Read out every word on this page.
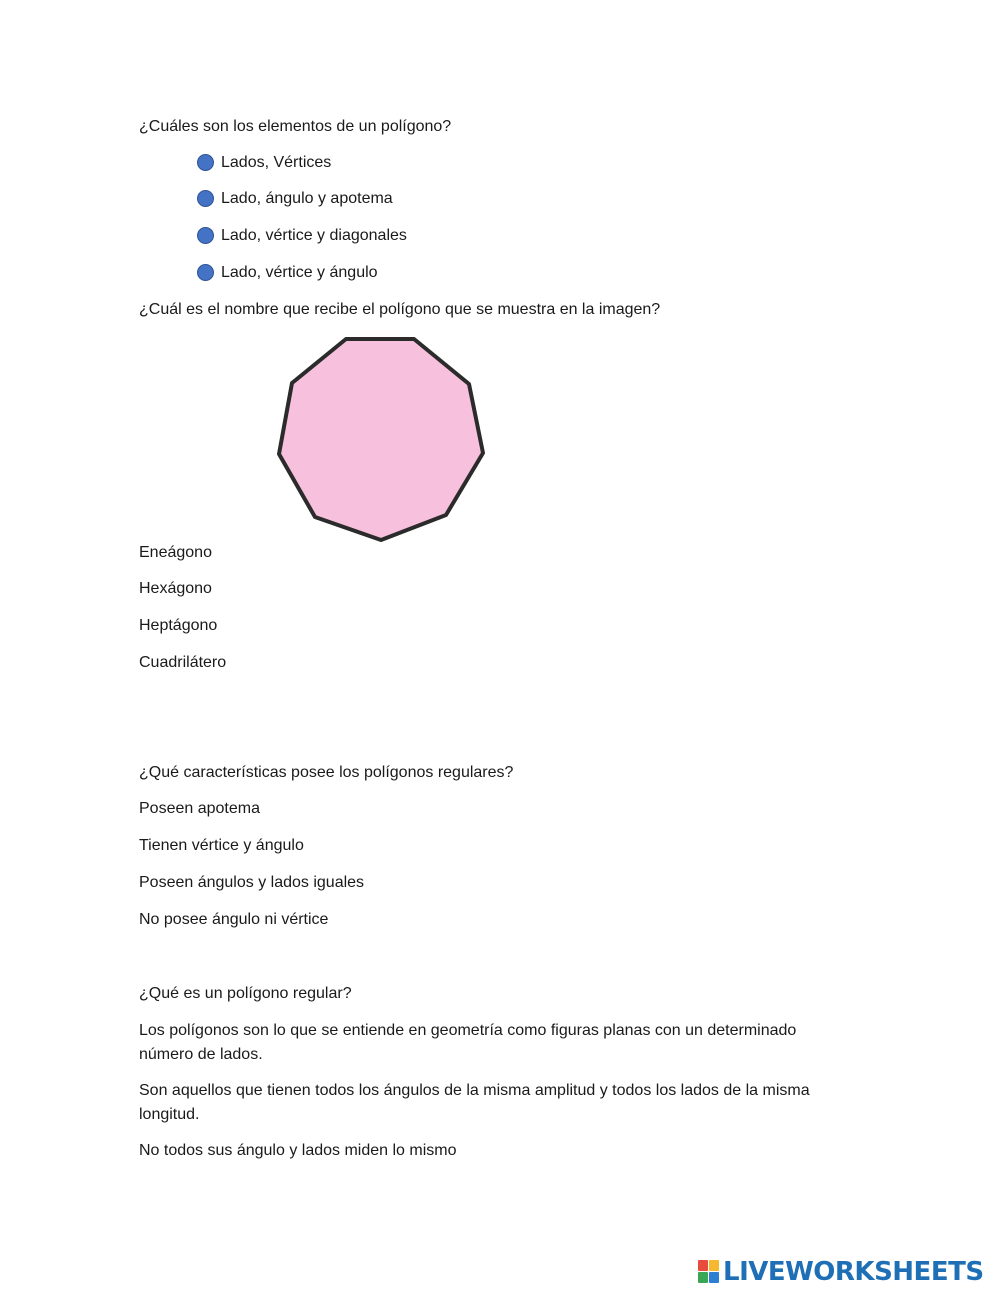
¿Cuáles son los elementos de un polígono?
Lados, Vértices
Lado, ángulo y apotema
Lado, vértice y diagonales
Lado, vértice y ángulo
¿Cuál es el nombre que recibe el polígono que se muestra en la imagen?
Eneágono
Hexágono
Heptágono
Cuadrilátero
¿Qué características posee los polígonos regulares?
Poseen apotema
Tienen vértice y ángulo
Poseen ángulos y lados iguales
No posee ángulo ni vértice
¿Qué es un polígono regular?
Los polígonos son lo que se entiende en geometría como figuras planas con un determinado número de lados.
Son aquellos que tienen todos los ángulos de la misma amplitud y todos los lados de la misma longitud.
No todos sus ángulo y lados miden lo mismo
LIVEWORKSHEETS
